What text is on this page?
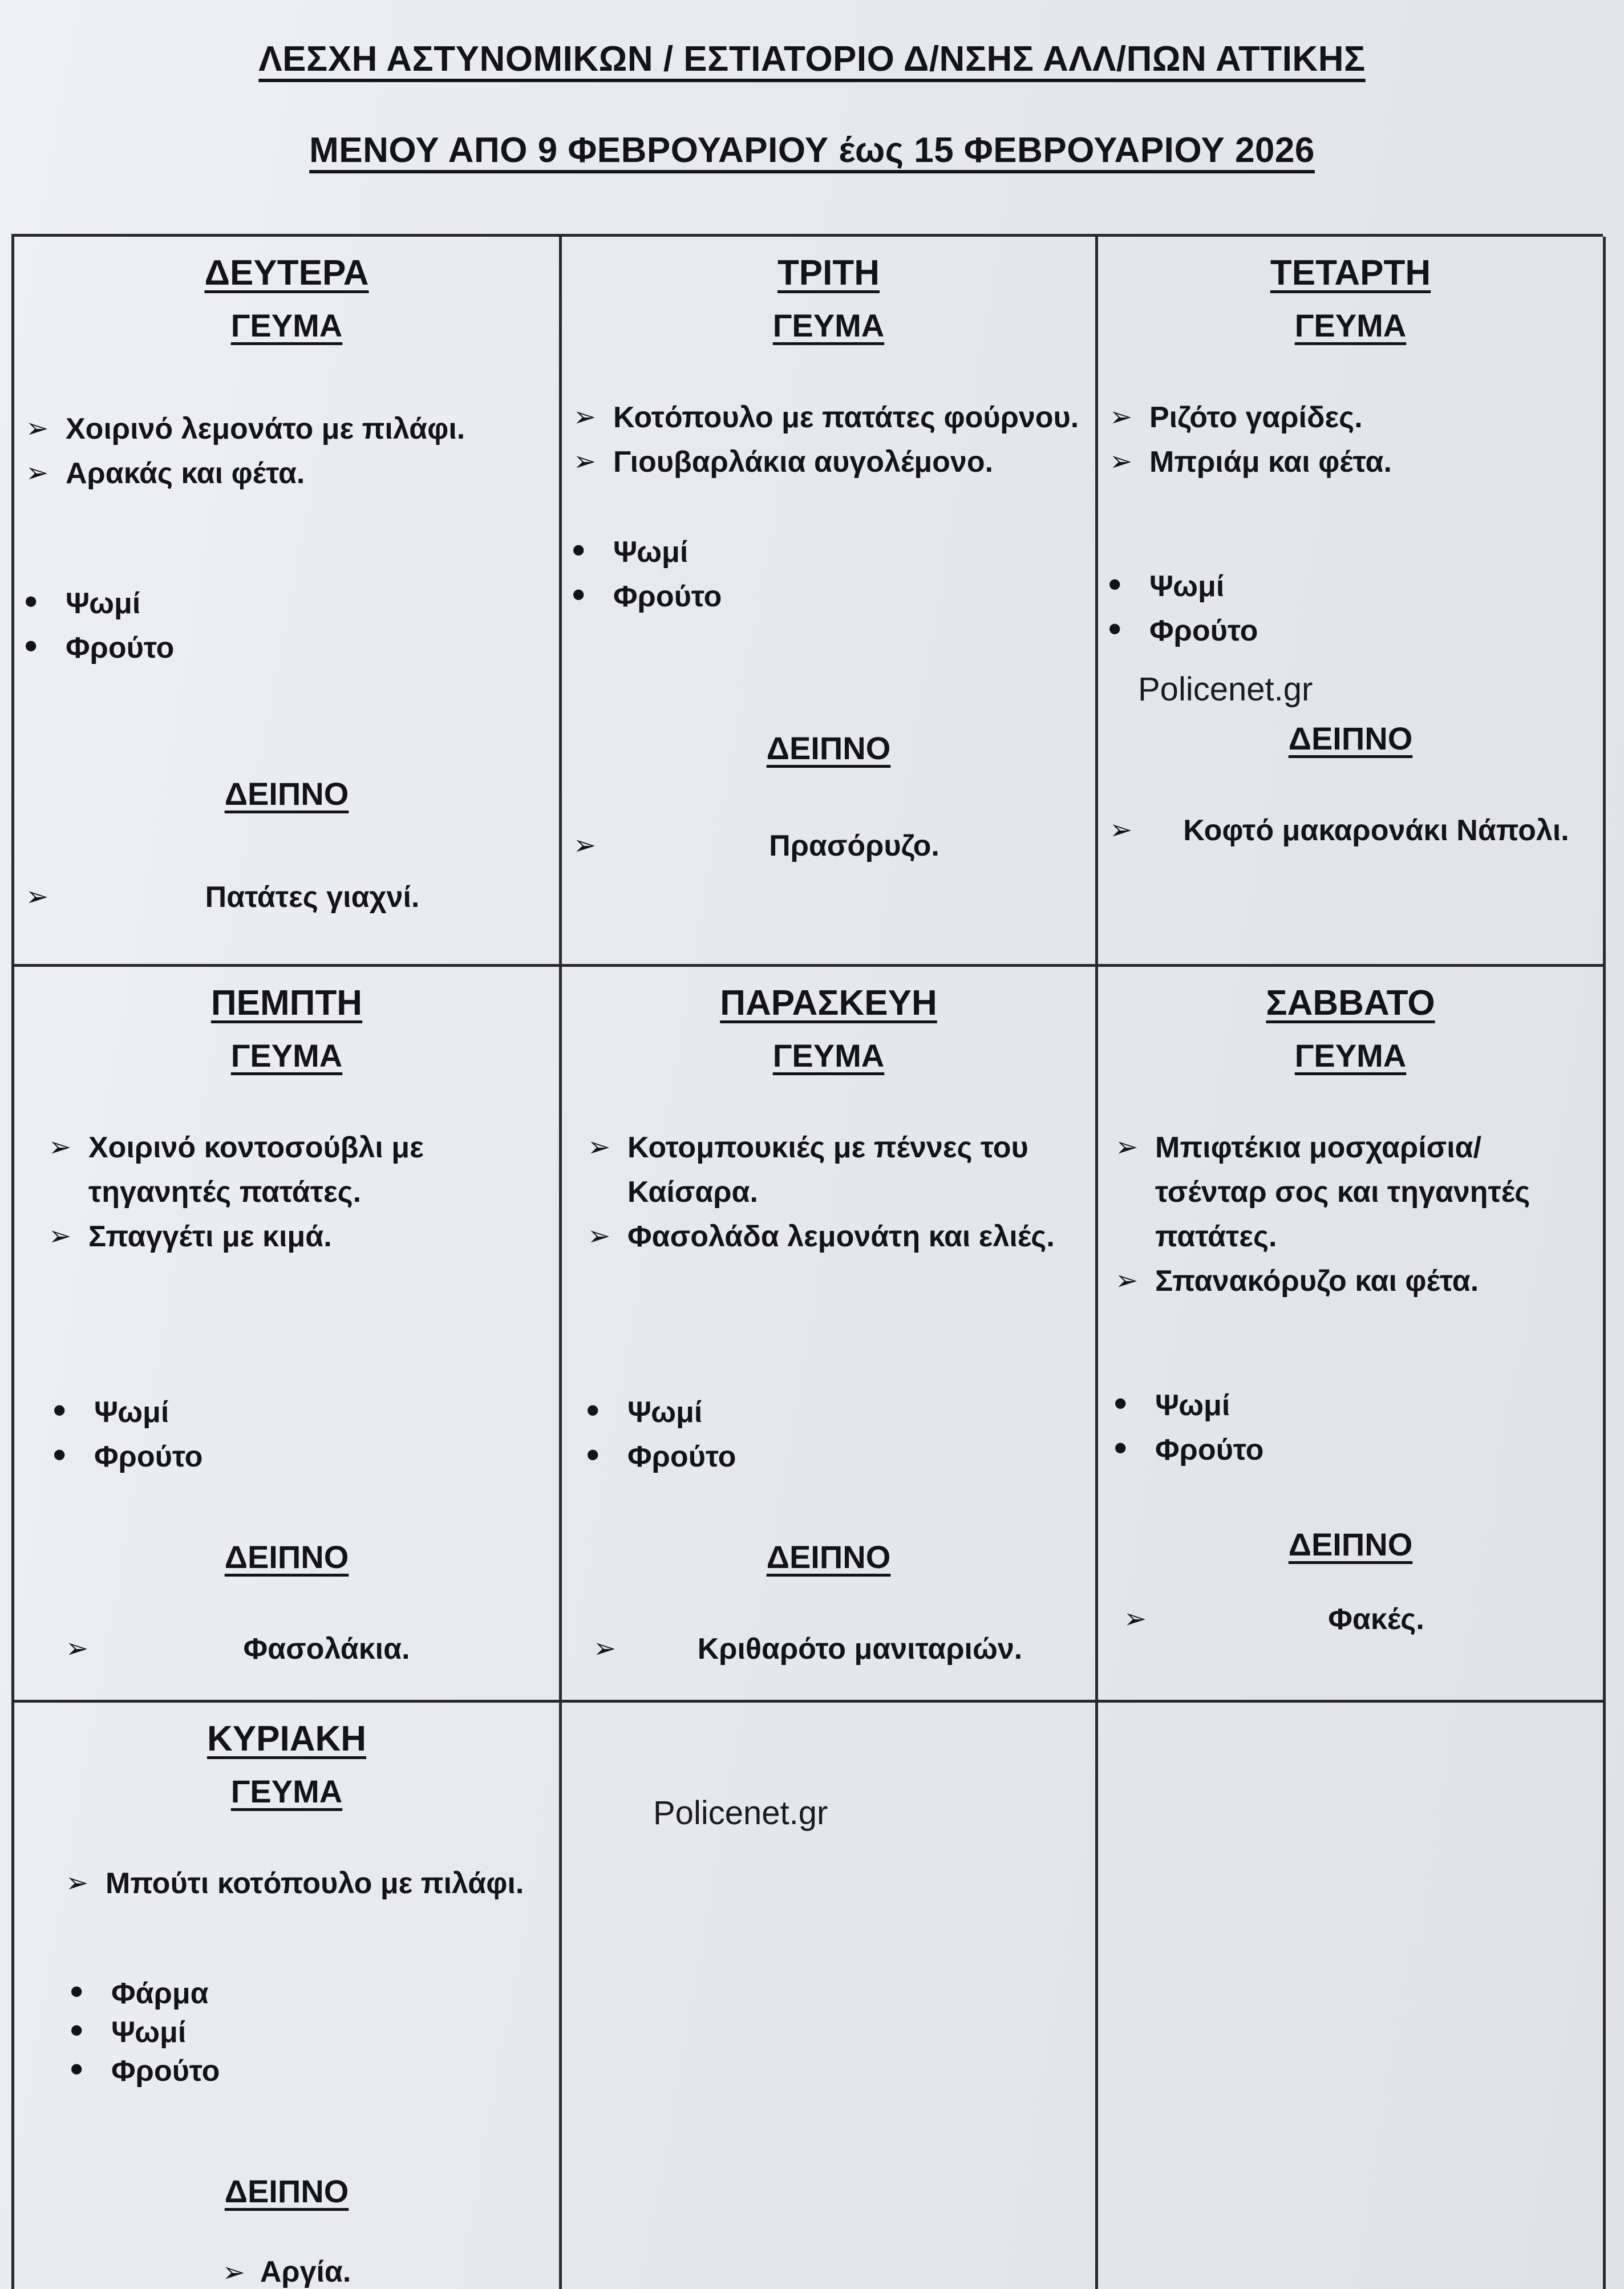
ΛΕΣΧΗ ΑΣΤΥΝΟΜΙΚΩΝ / ΕΣΤΙΑΤΟΡΙΟ Δ/ΝΣΗΣ ΑΛΛ/ΠΩΝ ΑΤΤΙΚΗΣ
ΜΕΝΟΥ ΑΠΟ 9 ΦΕΒΡΟΥΑΡΙΟΥ έως 15 ΦΕΒΡΟΥΑΡΙΟΥ 2026
ΔΕΥΤΕΡΑ
ΓΕΥΜΑ
➢ Χοιρινό λεμονάτο με πιλάφι.
➢ Αρακάς και φέτα.
• Ψωμί
• Φρούτο
ΔΕΙΠΝΟ
➢	Πατάτες γιαχνί.
ΤΡΙΤΗ
ΓΕΥΜΑ
➢ Κοτόπουλο με πατάτες φούρνου.
➢ Γιουβαρλάκια αυγολέμονο.
• Ψωμί
• Φρούτο
ΔΕΙΠΝΟ
➢	Πρασόρυζο.
ΤΕΤΑΡΤΗ
ΓΕΥΜΑ
➢ Ριζότο γαρίδες.
➢ Μπριάμ και φέτα.
• Ψωμί
• Φρούτο
Policenet.gr
ΔΕΙΠΝΟ
➢	Κοφτό μακαρονάκι Νάπολι.
ΠΕΜΠΤΗ
ΓΕΥΜΑ
➢ Χοιρινό κοντοσούβλι με τηγανητές πατάτες.
➢ Σπαγγέτι με κιμά.
• Ψωμί
• Φρούτο
ΔΕΙΠΝΟ
➢	Φασολάκια.
ΠΑΡΑΣΚΕΥΗ
ΓΕΥΜΑ
➢ Κοτομπουκιές με πέννες του Καίσαρα.
➢ Φασολάδα λεμονάτη και ελιές.
• Ψωμί
• Φρούτο
ΔΕΙΠΝΟ
➢	Κριθαρότο μανιταριών.
ΣΑΒΒΑΤΟ
ΓΕΥΜΑ
➢ Μπιφτέκια μοσχαρίσια/τσένταρ σος και τηγανητές πατάτες.
➢ Σπανακόρυζο και φέτα.
• Ψωμί
• Φρούτο
ΔΕΙΠΝΟ
➢	Φακές.
ΚΥΡΙΑΚΗ
ΓΕΥΜΑ
➢ Μπούτι κοτόπουλο με πιλάφι.
• Φάρμα
• Ψωμί
• Φρούτο
ΔΕΙΠΝΟ
➢ Αργία.
Policenet.gr
